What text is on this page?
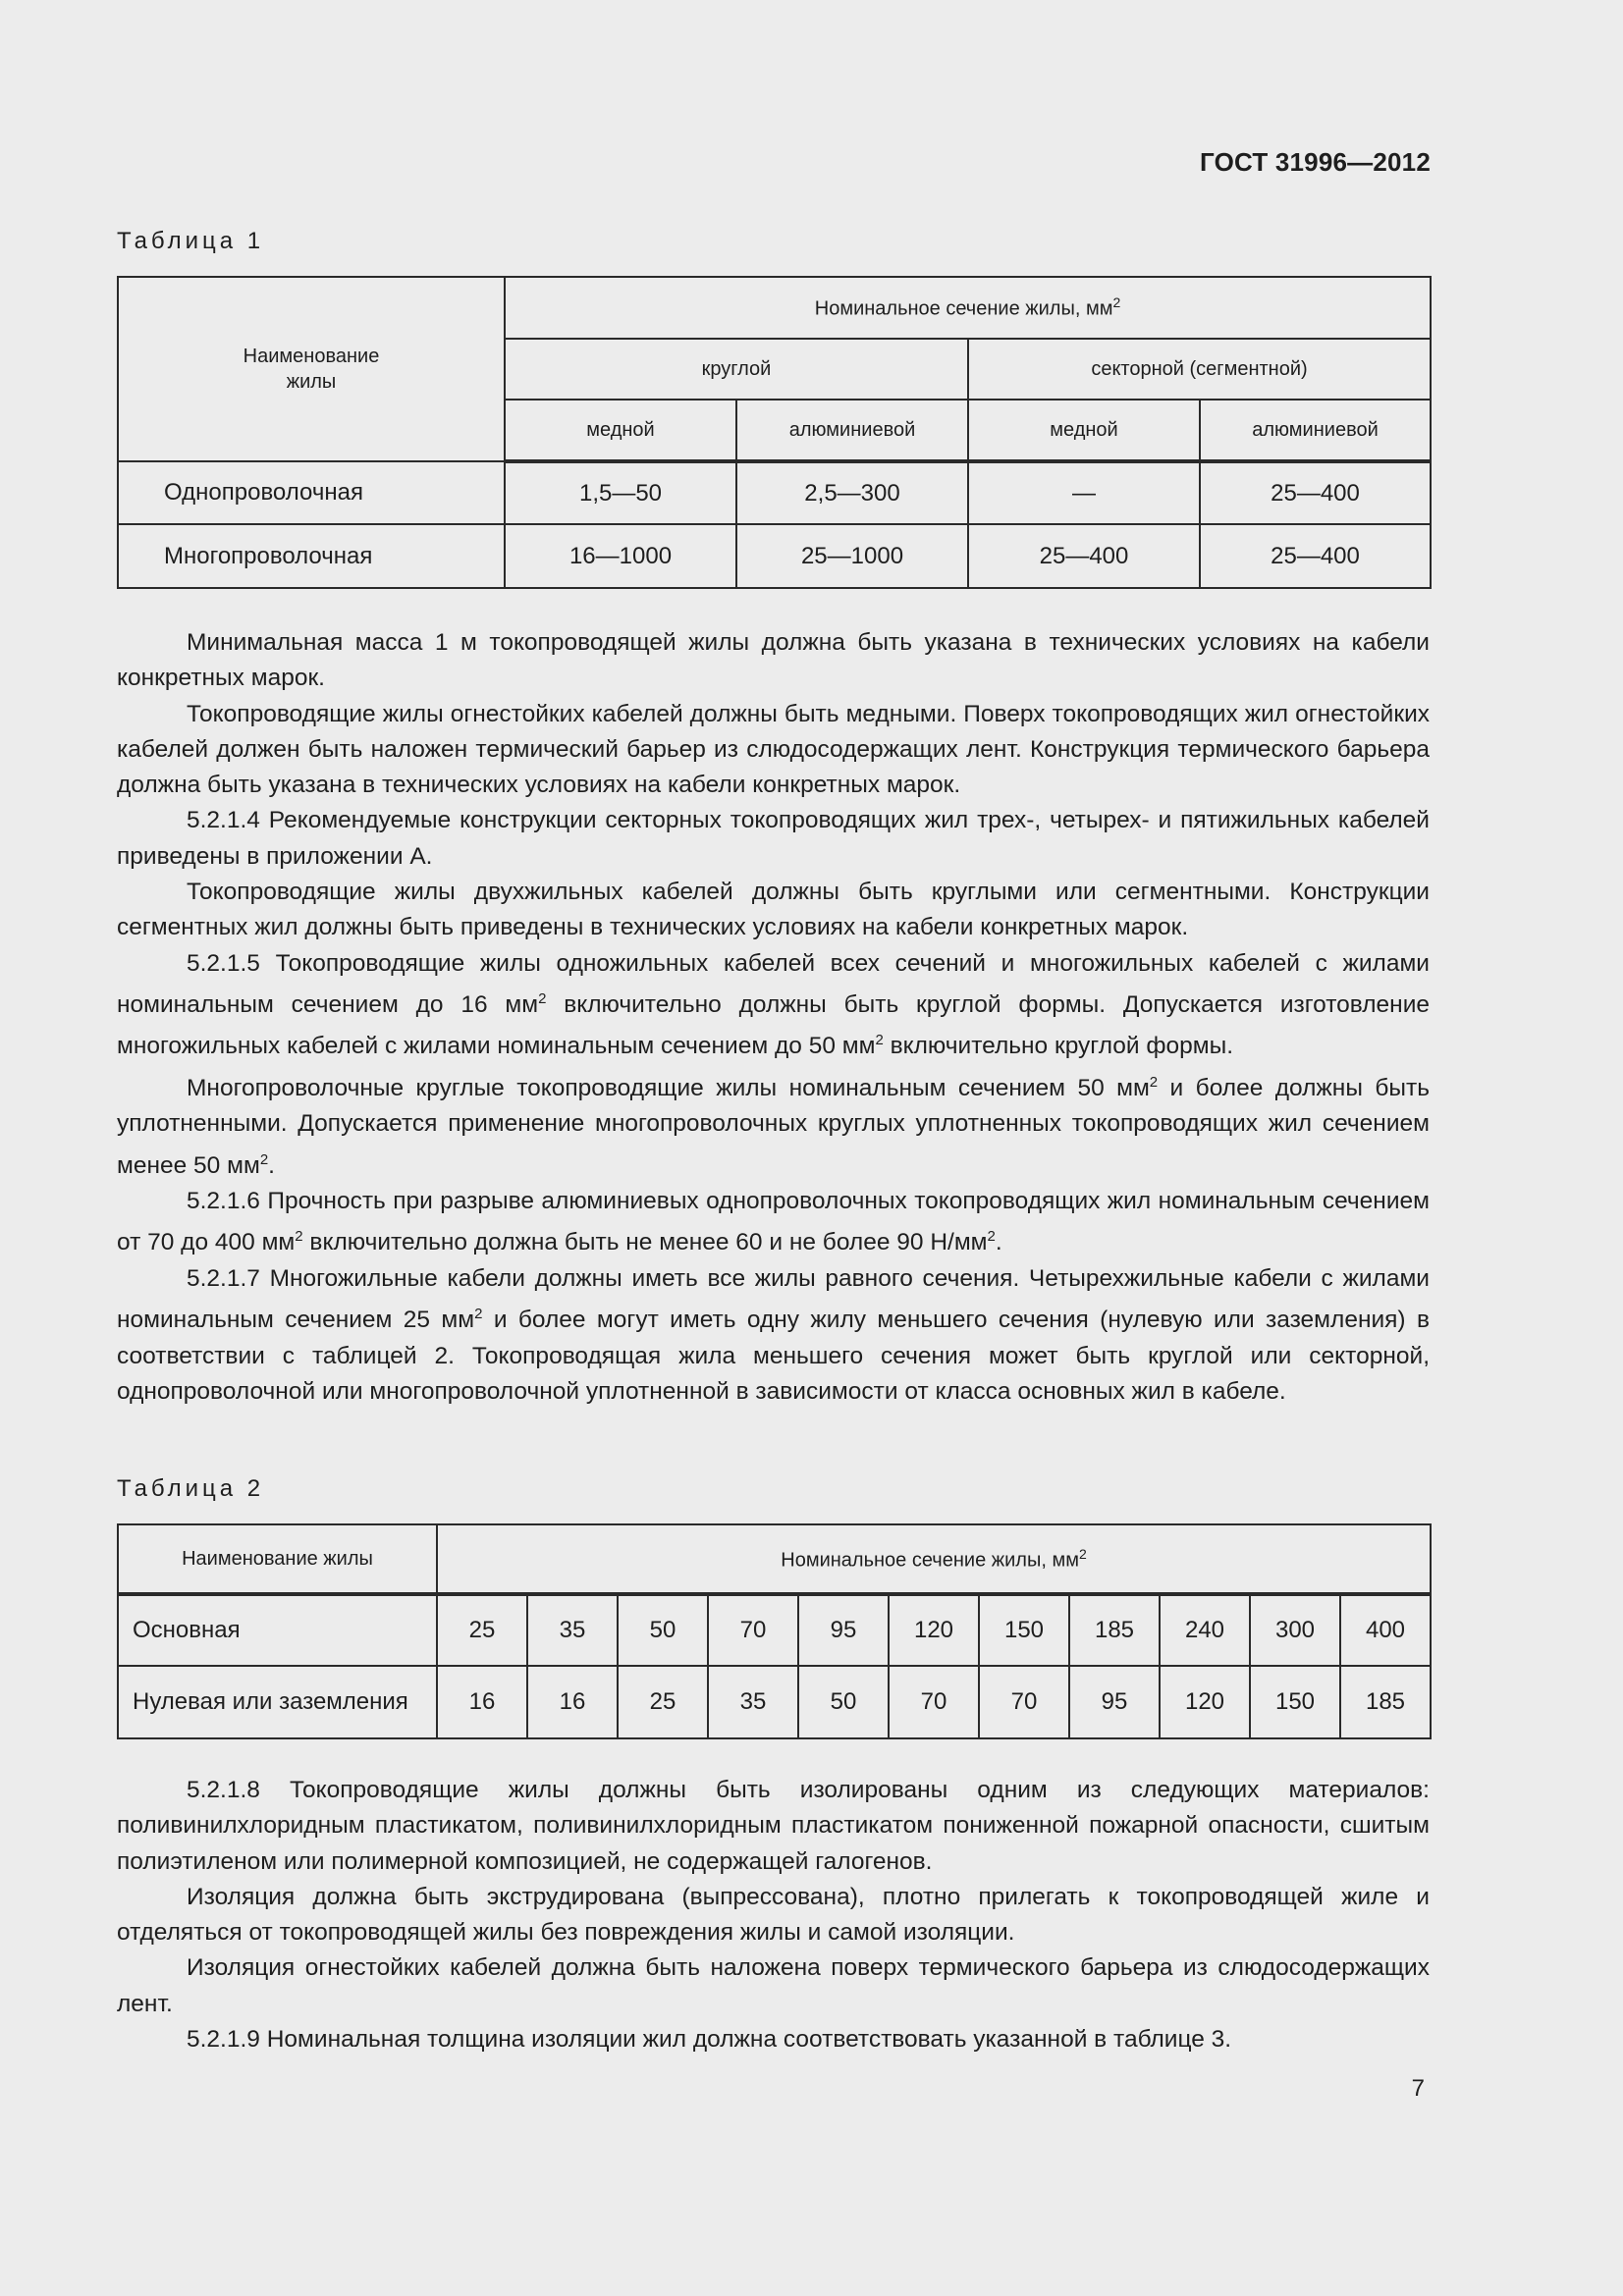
ГОСТ 31996—2012
Таблица 1
Наименование жилы	Номинальное сечение жилы, $мм^2$
	круглой		секторной (сегментной)	
	медной	алюминиевой	медной	алюминиевой
Однопроволочная	1,5—50	2,5—300	—	25—400
Многопроволочная	16—1000	25—1000	25—400	25—400

Минимальная масса 1 м токопроводящей жилы должна быть указана в технических условиях на кабели конкретных марок.

Токопроводящие жилы огнестойких кабелей должны быть медными. Поверх токопроводящих жил огнестойких кабелей должен быть наложен термический барьер из слюдосодержащих лент. Конструкция термического барьера должна быть указана в технических условиях на кабели конкретных марок.

5.2.1.4 Рекомендуемые конструкции секторных токопроводящих жил трех-, четырех- и пятижильных кабелей приведены в приложении А.

Токопроводящие жилы двухжильных кабелей должны быть круглыми или сегментными. Конструкции сегментных жил должны быть приведены в технических условиях на кабели конкретных марок.

5.2.1.5 Токопроводящие жилы одножильных кабелей всех сечений и многожильных кабелей с жилами номинальным сечением до 16 $мм^2$ включительно должны быть круглой формы. Допускается изготовление многожильных кабелей с жилами номинальным сечением до 50 $мм^2$ включительно круглой формы.

Многопроволочные круглые токопроводящие жилы номинальным сечением 50 $мм^2$ и более должны быть уплотненными. Допускается применение многопроволочных круглых уплотненных токопроводящих жил сечением менее 50 $мм^2$.

5.2.1.6 Прочность при разрыве алюминиевых однопроволочных токопроводящих жил номинальным сечением от 70 до 400 $мм^2$ включительно должна быть не менее 60 и не более 90 $Н/мм^2$.

5.2.1.7 Многожильные кабели должны иметь все жилы равного сечения. Четырехжильные кабели с жилами номинальным сечением 25 $мм^2$ и более могут иметь одну жилу меньшего сечения (нулевую или заземления) в соответствии с таблицей 2. Токопроводящая жила меньшего сечения может быть круглой или секторной, однопроволочной или многопроволочной уплотненной в зависимости от класса основных жил в кабеле.

Таблица 2
Наименование жилы	Номинальное сечение жилы, $мм^2$
Основная	25	35	50	70	95	120	150	185	240	300	400
Нулевая или заземления	16	16	25	35	50	70	70	95	120	150	185

5.2.1.8 Токопроводящие жилы должны быть изолированы одним из следующих материалов: поливинилхлоридным пластикатом, поливинилхлоридным пластикатом пониженной пожарной опасности, сшитым полиэтиленом или полимерной композицией, не содержащей галогенов.

Изоляция должна быть экструдирована (выпрессована), плотно прилегать к токопроводящей жиле и отделяться от токопроводящей жилы без повреждения жилы и самой изоляции.

Изоляция огнестойких кабелей должна быть наложена поверх термического барьера из слюдосодержащих лент.

5.2.1.9 Номинальная толщина изоляции жил должна соответствовать указанной в таблице 3.

7
